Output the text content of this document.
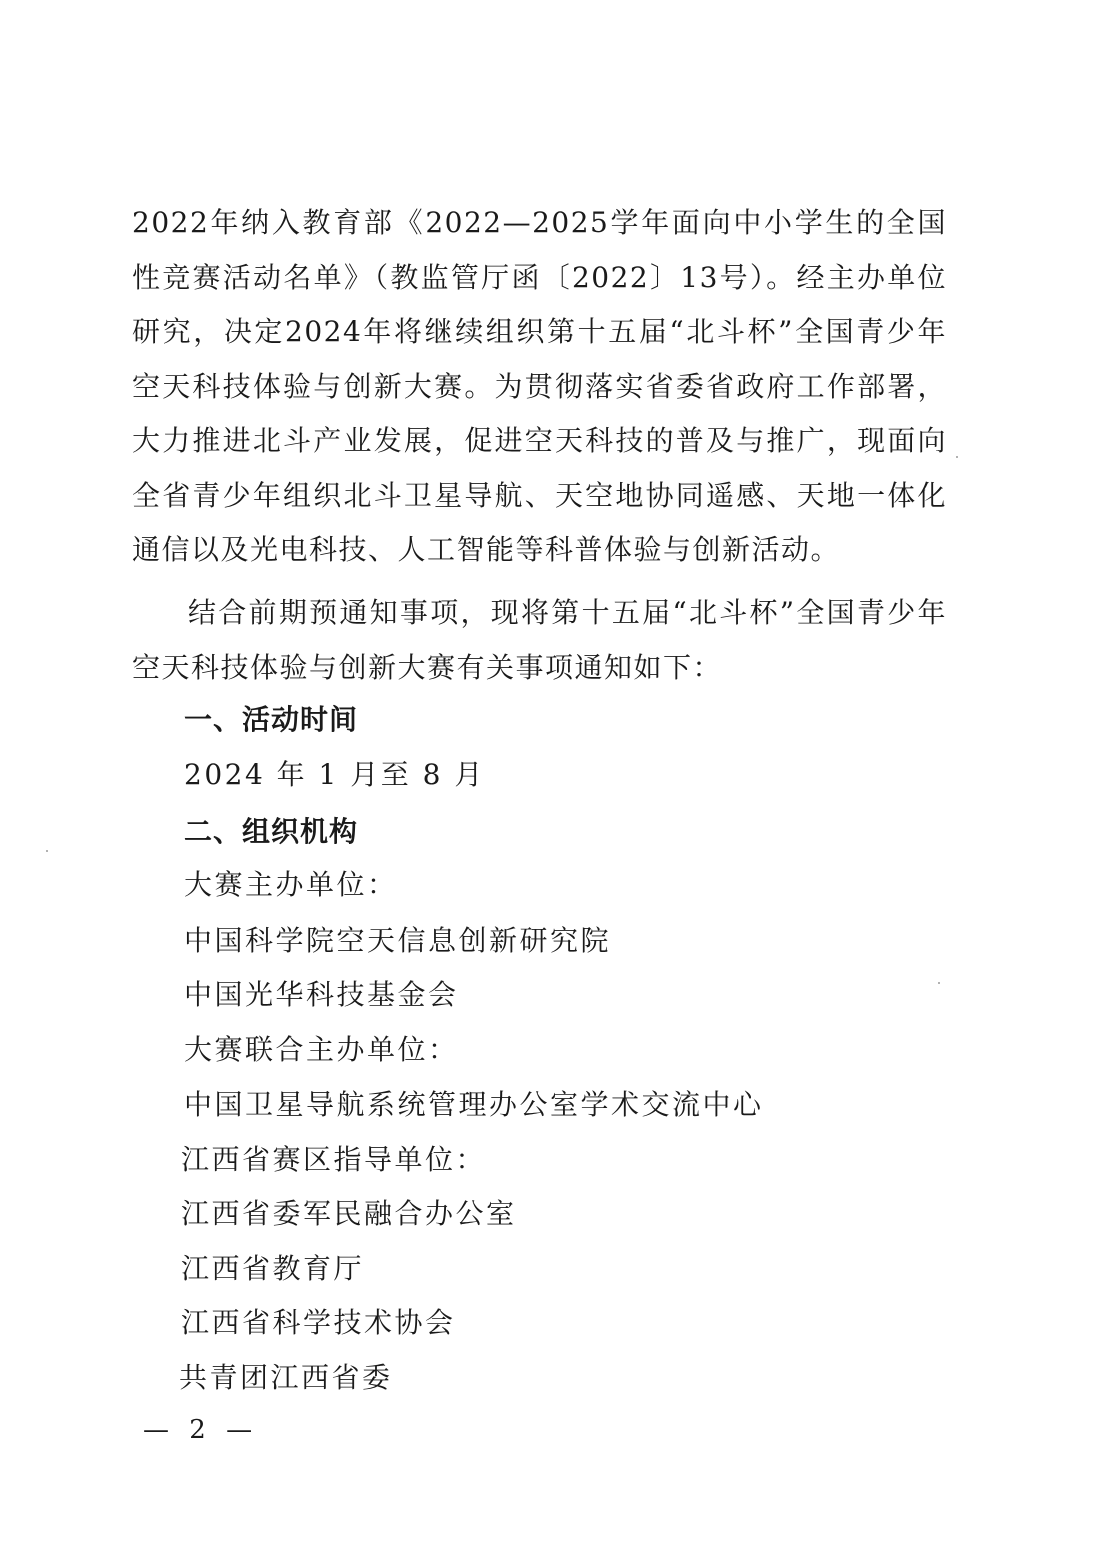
2022年纳入教育部《2022—2025学年面向中小学生的全国性竞赛活动名单》（教监管厅函〔2022〕13号）。经主办单位研究，决定2024年将继续组织第十五届“北斗杯”全国青少年空天科技体验与创新大赛。为贯彻落实省委省政府工作部署，大力推进北斗产业发展，促进空天科技的普及与推广，现面向全省青少年组织北斗卫星导航、天空地协同遥感、天地一体化通信以及光电科技、人工智能等科普体验与创新活动。

结合前期预通知事项，现将第十五届“北斗杯”全国青少年空天科技体验与创新大赛有关事项通知如下：

一、活动时间
2024 年 1 月至 8 月
二、组织机构
大赛主办单位：
中国科学院空天信息创新研究院
中国光华科技基金会
大赛联合主办单位：
中国卫星导航系统管理办公室学术交流中心
江西省赛区指导单位：
江西省委军民融合办公室
江西省教育厅
江西省科学技术协会
共青团江西省委
— 2 —
